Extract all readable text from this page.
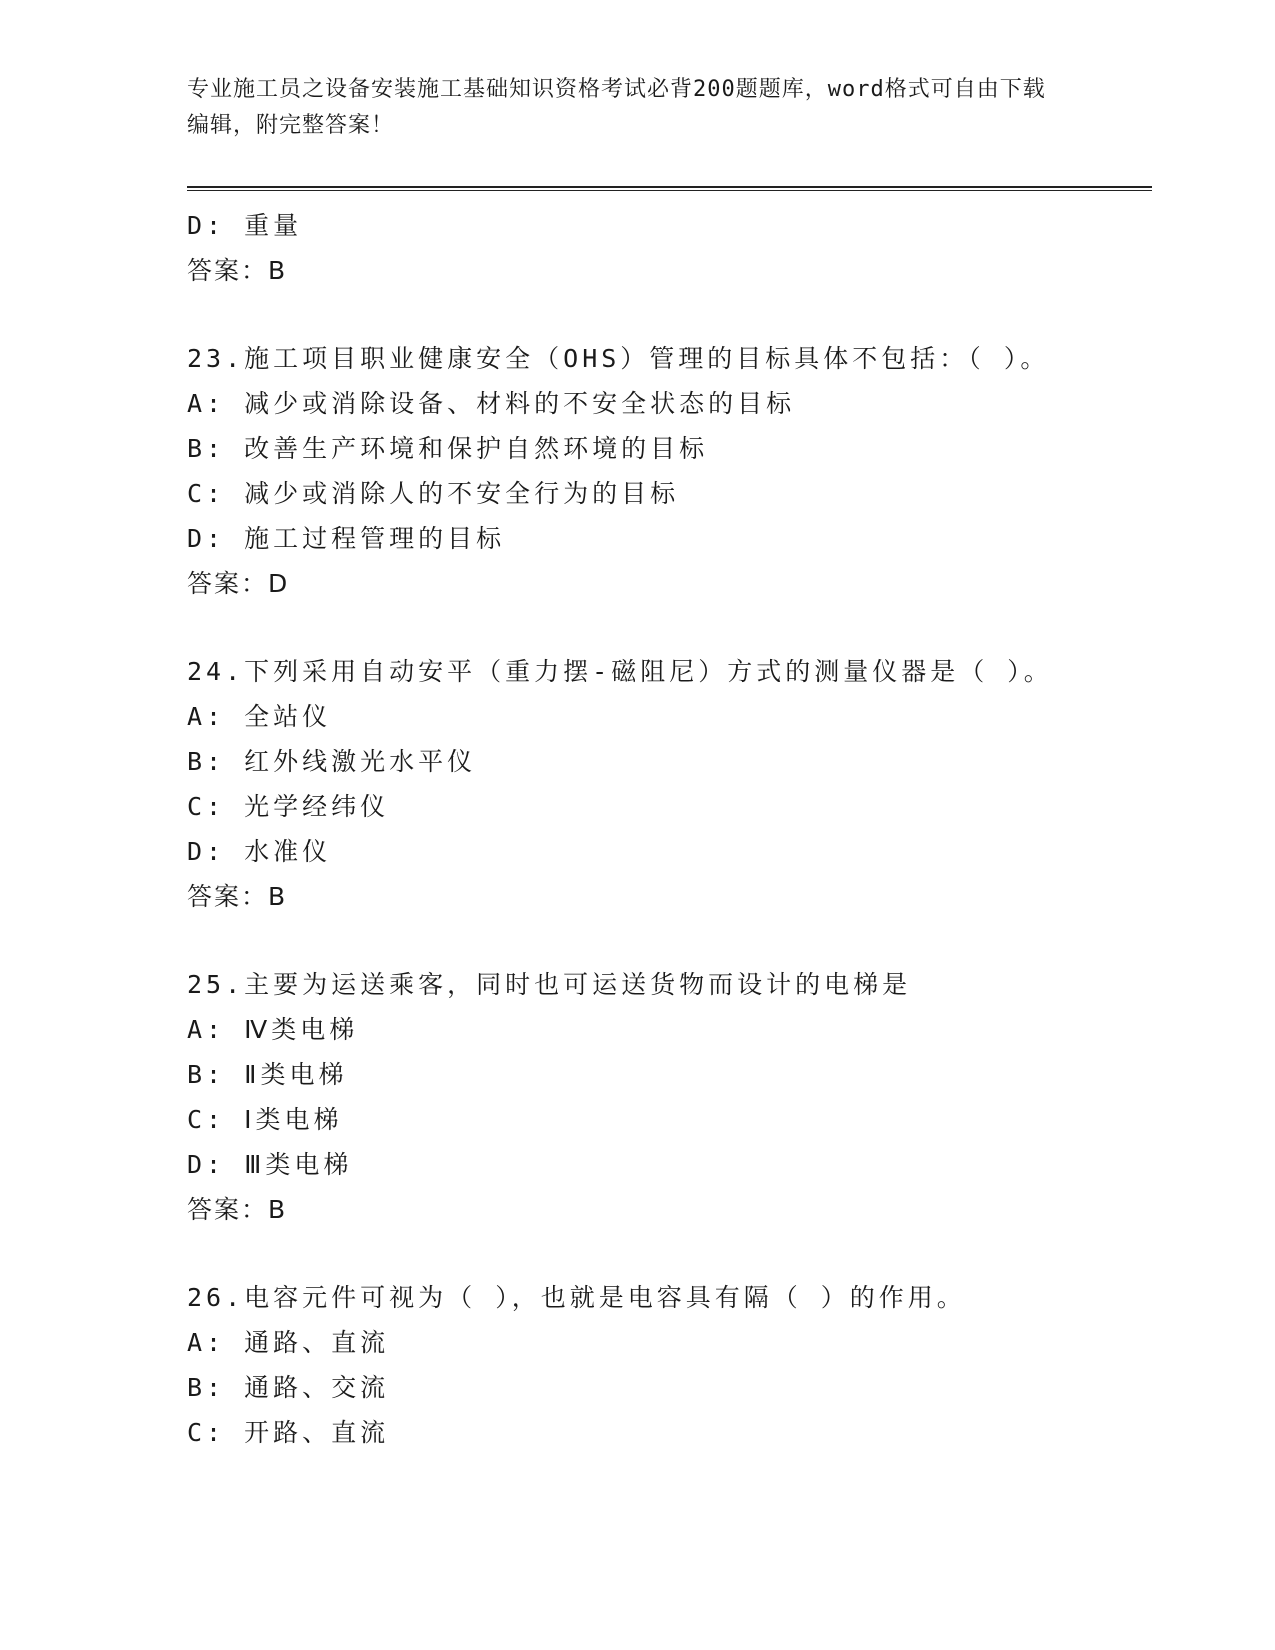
专业施工员之设备安装施工基础知识资格考试必背200题题库，word格式可自由下载编辑，附完整答案！

D: 重量
答案：B
23.施工项目职业健康安全（OHS）管理的目标具体不包括：（ ）。
A: 减少或消除设备、材料的不安全状态的目标
B: 改善生产环境和保护自然环境的目标
C: 减少或消除人的不安全行为的目标
D: 施工过程管理的目标
答案：D
24.下列采用自动安平（重力摆-磁阻尼）方式的测量仪器是（ ）。
A: 全站仪
B: 红外线激光水平仪
C: 光学经纬仪
D: 水准仪
答案：B
25.主要为运送乘客，同时也可运送货物而设计的电梯是
A: Ⅳ类电梯
B: Ⅱ类电梯
C: Ⅰ类电梯
D: Ⅲ类电梯
答案：B
26.电容元件可视为（ ），也就是电容具有隔（ ）的作用。
A: 通路、直流
B: 通路、交流
C: 开路、直流
